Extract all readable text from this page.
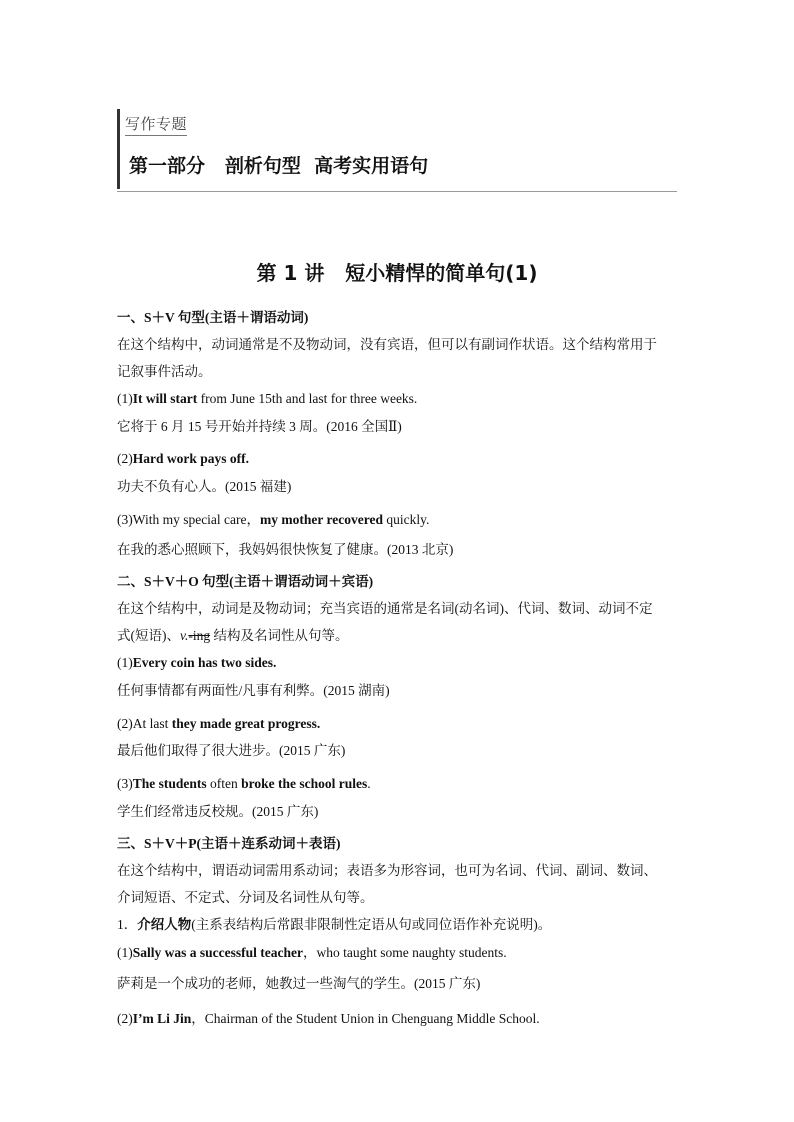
写作专题
第一部分   剖析句型  高考实用语句
第 1 讲   短小精悍的简单句(1)
一、S＋V 句型(主语＋谓语动词)
在这个结构中，动词通常是不及物动词，没有宾语，但可以有副词作状语。这个结构常用于
记叙事件活动。
(1)It will start from June 15th and last for three weeks.
它将于 6 月 15 号开始并持续 3 周。(2016 全国Ⅱ)
(2)Hard work pays off.
功夫不负有心人。(2015 福建)
(3)With my special care，my mother recovered quickly.
在我的悉心照顾下，我妈妈很快恢复了健康。(2013 北京)
二、S＋V＋O 句型(主语＋谓语动词＋宾语)
在这个结构中，动词是及物动词；充当宾语的通常是名词(动名词)、代词、数词、动词不定
式(短语)、v.-ing 结构及名词性从句等。
(1)Every coin has two sides.
任何事情都有两面性/凡事有利弊。(2015 湖南)
(2)At last they made great progress.
最后他们取得了很大进步。(2015 广东)
(3)The students often broke the school rules.
学生们经常违反校规。(2015 广东)
三、S＋V＋P(主语＋连系动词＋表语)
在这个结构中，谓语动词需用系动词；表语多为形容词，也可为名词、代词、副词、数词、
介词短语、不定式、分词及名词性从句等。
1．介绍人物(主系表结构后常跟非限制性定语从句或同位语作补充说明)。
(1)Sally was a successful teacher，who taught some naughty students.
萨莉是一个成功的老师，她教过一些淘气的学生。(2015 广东)
(2)I’m Li Jin，Chairman of the Student Union in Chenguang Middle School.
